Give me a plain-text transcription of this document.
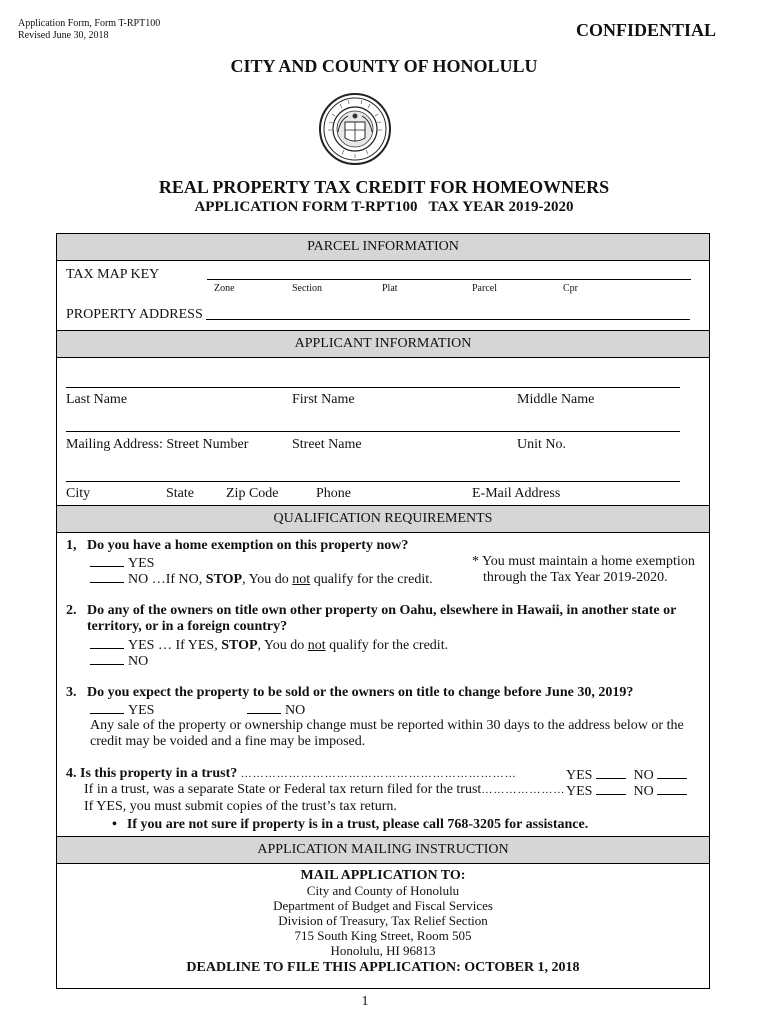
Application Form, Form T-RPT100
Revised June 30, 2018	CONFIDENTIAL
CITY AND COUNTY OF HONOLULU
REAL PROPERTY TAX CREDIT FOR HOMEOWNERS
APPLICATION FORM T-RPT100   TAX YEAR 2019-2020
PARCEL INFORMATION
TAX MAP KEY
Zone	Section	Plat	Parcel	Cpr
PROPERTY ADDRESS
APPLICANT INFORMATION
Last Name	First Name	Middle Name
Mailing Address: Street Number	Street Name	Unit No.
City	State Zip Code	Phone	E-Mail Address
QUALIFICATION REQUIREMENTS
1, Do you have a home exemption on this property now?
YES
NO …If NO, STOP, You do not qualify for the credit.
* You must maintain a home exemption
through the Tax Year 2019-2020.
2. Do any of the owners on title own other property on Oahu, elsewhere in Hawaii, in another state or
territory, or in a foreign country?
YES … If YES, STOP, You do not qualify for the credit.
NO
3. Do you expect the property to be sold or the owners on title to change before June 30, 2019?
YES	NO
Any sale of the property or ownership change must be reported within 30 days to the address below or the
credit may be voided and a fine may be imposed.
4. Is this property in a trust? ……………………………………………………………	YES	NO
If in a trust, was a separate State or Federal tax return filed for the trust………………… YES	NO
If YES, you must submit copies of the trust’s tax return.
• If you are not sure if property is in a trust, please call 768-3205 for assistance.
APPLICATION MAILING INSTRUCTION
MAIL APPLICATION TO:
City and County of Honolulu
Department of Budget and Fiscal Services
Division of Treasury, Tax Relief Section
715 South King Street, Room 505
Honolulu, HI 96813
DEADLINE TO FILE THIS APPLICATION: OCTOBER 1, 2018
1
